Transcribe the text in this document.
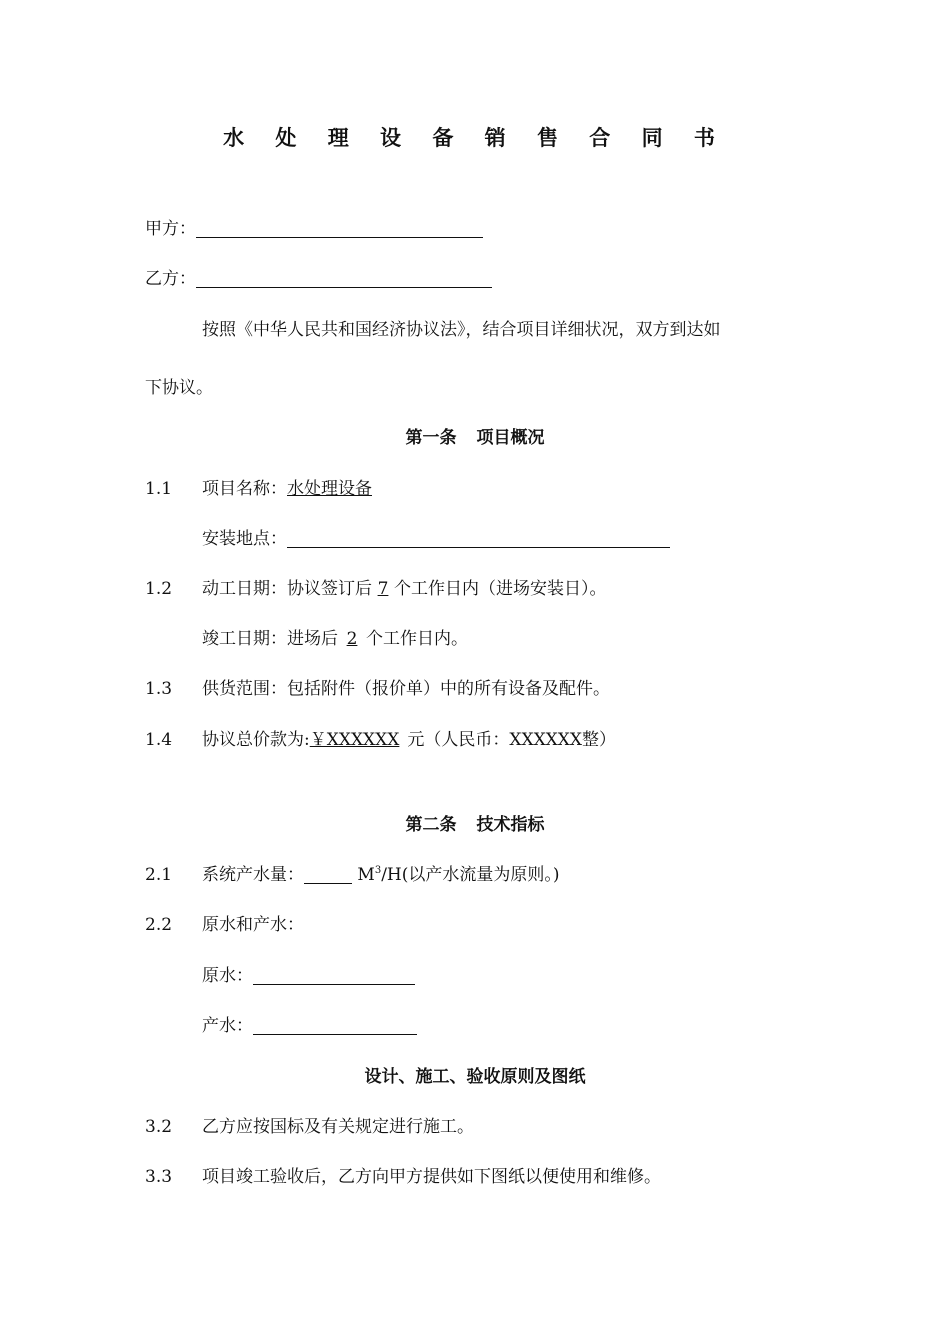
水 处 理 设 备 销 售 合 同 书
甲方：
乙方：
按照《中华人民共和国经济协议法》，结合项目详细状况，双方到达如
下协议。
第一条 项目概况
1.1 项目名称：水处理设备
安装地点：
1.2 动工日期：协议签订后 7 个工作日内（进场安装日）。
竣工日期：进场后 2 个工作日内。
1.3 供货范围：包括附件（报价单）中的所有设备及配件。
1.4 协议总价款为:￥XXXXXX 元（人民币：XXXXXX整）
第二条 技术指标
2.1 系统产水量：	$M^3/H$(以产水流量为原则。)
2.2 原水和产水：
原水：
产水：
设计、施工、验收原则及图纸
3.2 乙方应按国标及有关规定进行施工。
3.3 项目竣工验收后，乙方向甲方提供如下图纸以便使用和维修。
